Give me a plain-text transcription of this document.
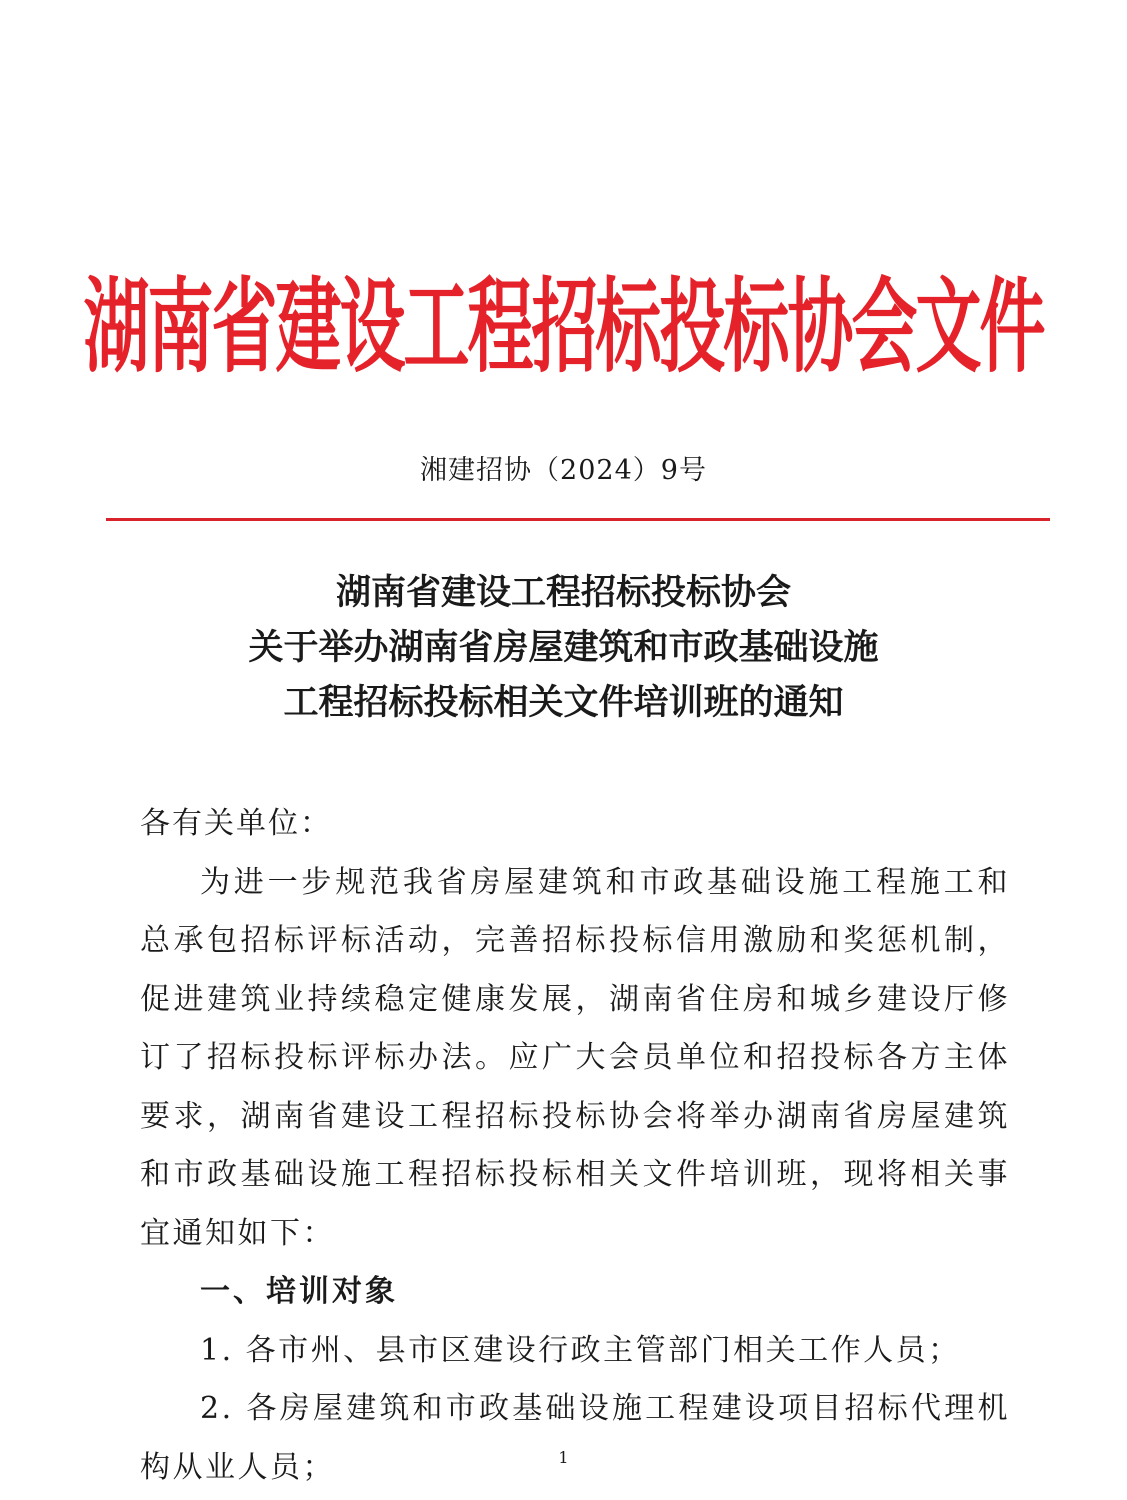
湖南省建设工程招标投标协会文件
湘建招协（2024）9号
湖南省建设工程招标投标协会
关于举办湖南省房屋建筑和市政基础设施
工程招标投标相关文件培训班的通知
各有关单位：
为进一步规范我省房屋建筑和市政基础设施工程施工和总承包招标评标活动，完善招标投标信用激励和奖惩机制，促进建筑业持续稳定健康发展，湖南省住房和城乡建设厅修订了招标投标评标办法。应广大会员单位和招投标各方主体要求，湖南省建设工程招标投标协会将举办湖南省房屋建筑和市政基础设施工程招标投标相关文件培训班，现将相关事宜通知如下：
一、培训对象
1. 各市州、县市区建设行政主管部门相关工作人员；
2. 各房屋建筑和市政基础设施工程建设项目招标代理机构从业人员；	1
